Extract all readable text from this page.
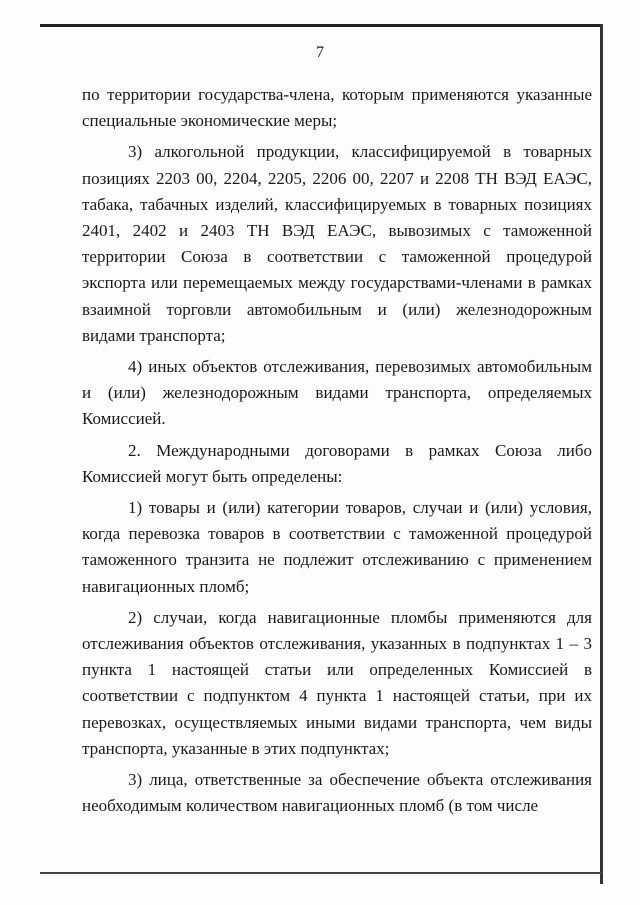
7

по территории государства-члена, которым применяются указанные специальные экономические меры;

3) алкогольной продукции, классифицируемой в товарных позициях 2203 00, 2204, 2205, 2206 00, 2207 и 2208 ТН ВЭД ЕАЭС, табака, табачных изделий, классифицируемых в товарных позициях 2401, 2402 и 2403 ТН ВЭД ЕАЭС, вывозимых с таможенной территории Союза в соответствии с таможенной процедурой экспорта или перемещаемых между государствами-членами в рамках взаимной торговли автомобильным и (или) железнодорожным видами транспорта;

4) иных объектов отслеживания, перевозимых автомобильным и (или) железнодорожным видами транспорта, определяемых Комиссией.

2. Международными договорами в рамках Союза либо Комиссией могут быть определены:

1) товары и (или) категории товаров, случаи и (или) условия, когда перевозка товаров в соответствии с таможенной процедурой таможенного транзита не подлежит отслеживанию с применением навигационных пломб;

2) случаи, когда навигационные пломбы применяются для отслеживания объектов отслеживания, указанных в подпунктах 1 – 3 пункта 1 настоящей статьи или определенных Комиссией в соответствии с подпунктом 4 пункта 1 настоящей статьи, при их перевозках, осуществляемых иными видами транспорта, чем виды транспорта, указанные в этих подпунктах;

3) лица, ответственные за обеспечение объекта отслеживания необходимым количеством навигационных пломб (в том числе
